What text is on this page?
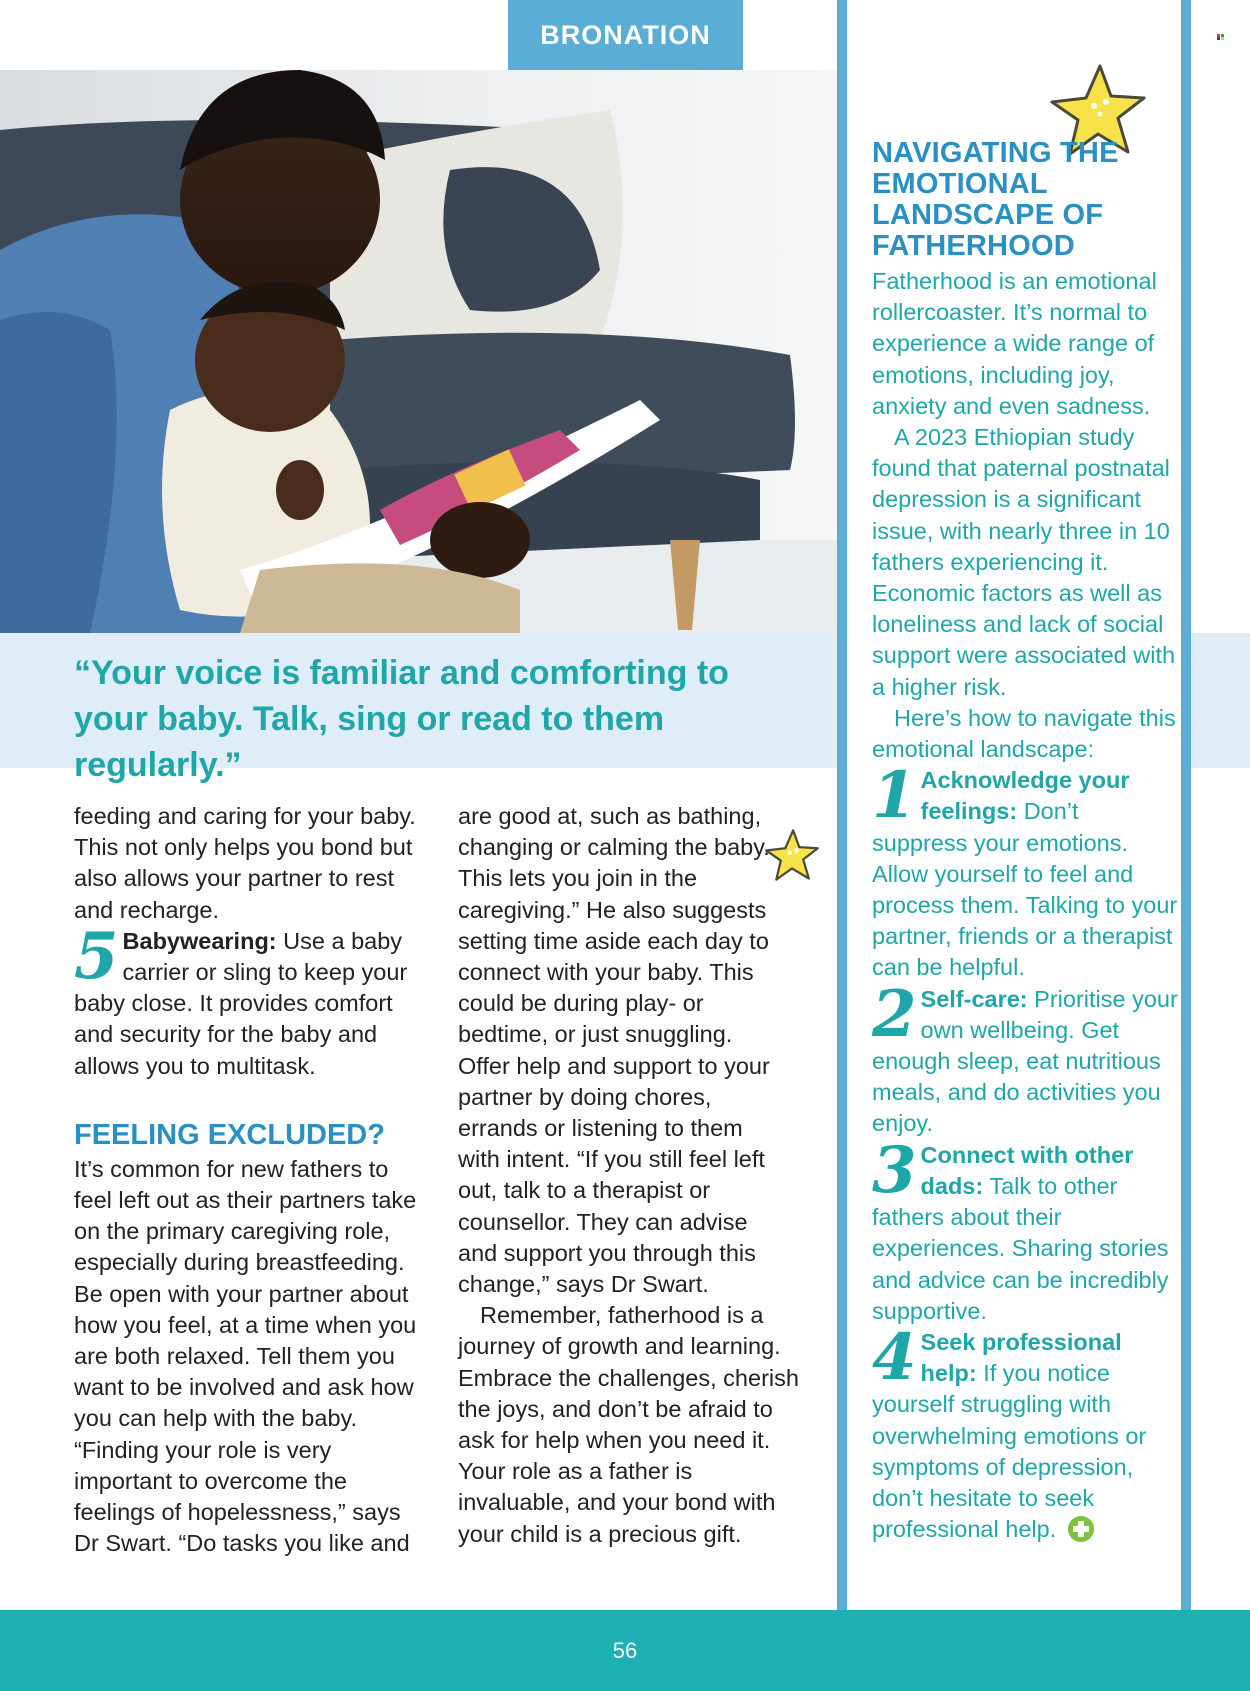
BRONATION
“Your voice is familiar and comforting to your baby. Talk, sing or read to them regularly.”
NAVIGATING THE EMOTIONAL LANDSCAPE OF FATHERHOOD

Fatherhood is an emotional rollercoaster. It’s normal to experience a wide range of emotions, including joy, anxiety and even sadness.

A 2023 Ethiopian study found that paternal postnatal depression is a significant issue, with nearly three in 10 fathers experiencing it. Economic factors as well as loneliness and lack of social support were associated with a higher risk.

Here’s how to navigate this emotional landscape:

1 Acknowledge your feelings: Don’t suppress your emotions. Allow yourself to feel and process them. Talking to your partner, friends or a therapist can be helpful.

2 Self-care: Prioritise your own wellbeing. Get enough sleep, eat nutritious meals, and do activities you enjoy.

3 Connect with other dads: Talk to other fathers about their experiences. Sharing stories and advice can be incredibly supportive.

4 Seek professional help: If you notice yourself struggling with overwhelming emotions or symptoms of depression, don’t hesitate to seek professional help.

feeding and caring for your baby. This not only helps you bond but also allows your partner to rest and recharge.

5 Babywearing: Use a baby carrier or sling to keep your baby close. It provides comfort and security for the baby and allows you to multitask.

FEELING EXCLUDED?

It’s common for new fathers to feel left out as their partners take on the primary caregiving role, especially during breastfeeding. Be open with your partner about how you feel, at a time when you are both relaxed. Tell them you want to be involved and ask how you can help with the baby. “Finding your role is very important to overcome the feelings of hopelessness,” says Dr Swart. “Do tasks you like and

are good at, such as bathing, changing or calming the baby. This lets you join in the caregiving.” He also suggests setting time aside each day to connect with your baby. This could be during play- or bedtime, or just snuggling. Offer help and support to your partner by doing chores, errands or listening to them with intent. “If you still feel left out, talk to a therapist or counsellor. They can advise and support you through this change,” says Dr Swart.

Remember, fatherhood is a journey of growth and learning. Embrace the challenges, cherish the joys, and don’t be afraid to ask for help when you need it. Your role as a father is invaluable, and your bond with your child is a precious gift.

56
